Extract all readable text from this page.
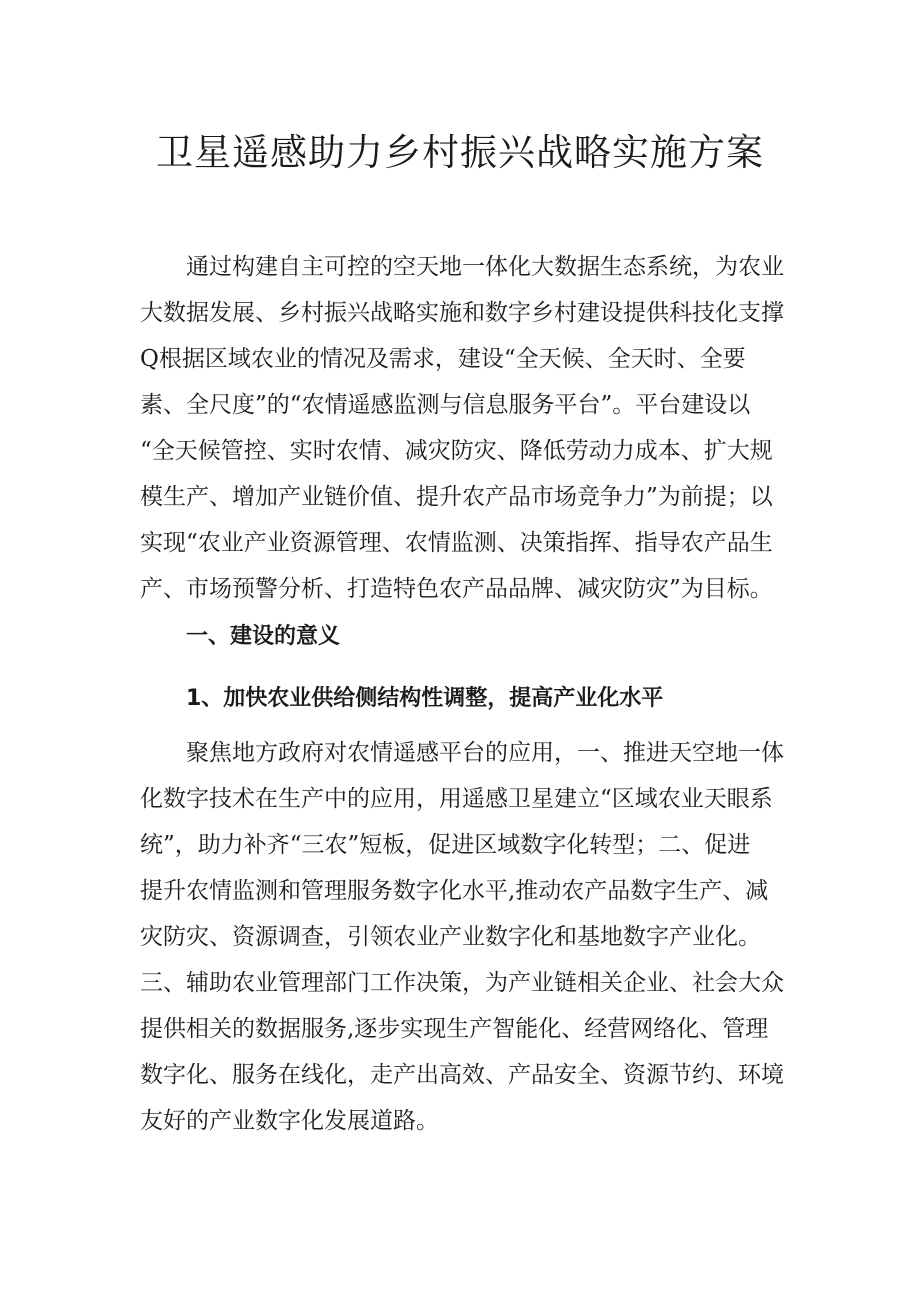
卫星遥感助力乡村振兴战略实施方案
通过构建自主可控的空天地一体化大数据生态系统，为农业
大数据发展、乡村振兴战略实施和数字乡村建设提供科技化支撑
Q根据区域农业的情况及需求，建设“全天候、全天时、全要
素、全尺度”的“农情遥感监测与信息服务平台”。平台建设以
“全天候管控、实时农情、减灾防灾、降低劳动力成本、扩大规
模生产、增加产业链价值、提升农产品市场竞争力”为前提；以
实现“农业产业资源管理、农情监测、决策指挥、指导农产品生
产、市场预警分析、打造特色农产品品牌、减灾防灾”为目标。
一、建设的意义
1、加快农业供给侧结构性调整，提高产业化水平
聚焦地方政府对农情遥感平台的应用，一、推进天空地一体
化数字技术在生产中的应用，用遥感卫星建立“区域农业天眼系
统”，助力补齐“三农”短板，促进区域数字化转型；二、促进
提升农情监测和管理服务数字化水平,推动农产品数字生产、减
灾防灾、资源调查，引领农业产业数字化和基地数字产业化。
三、辅助农业管理部门工作决策，为产业链相关企业、社会大众
提供相关的数据服务,逐步实现生产智能化、经营网络化、管理
数字化、服务在线化，走产出高效、产品安全、资源节约、环境
友好的产业数字化发展道路。
